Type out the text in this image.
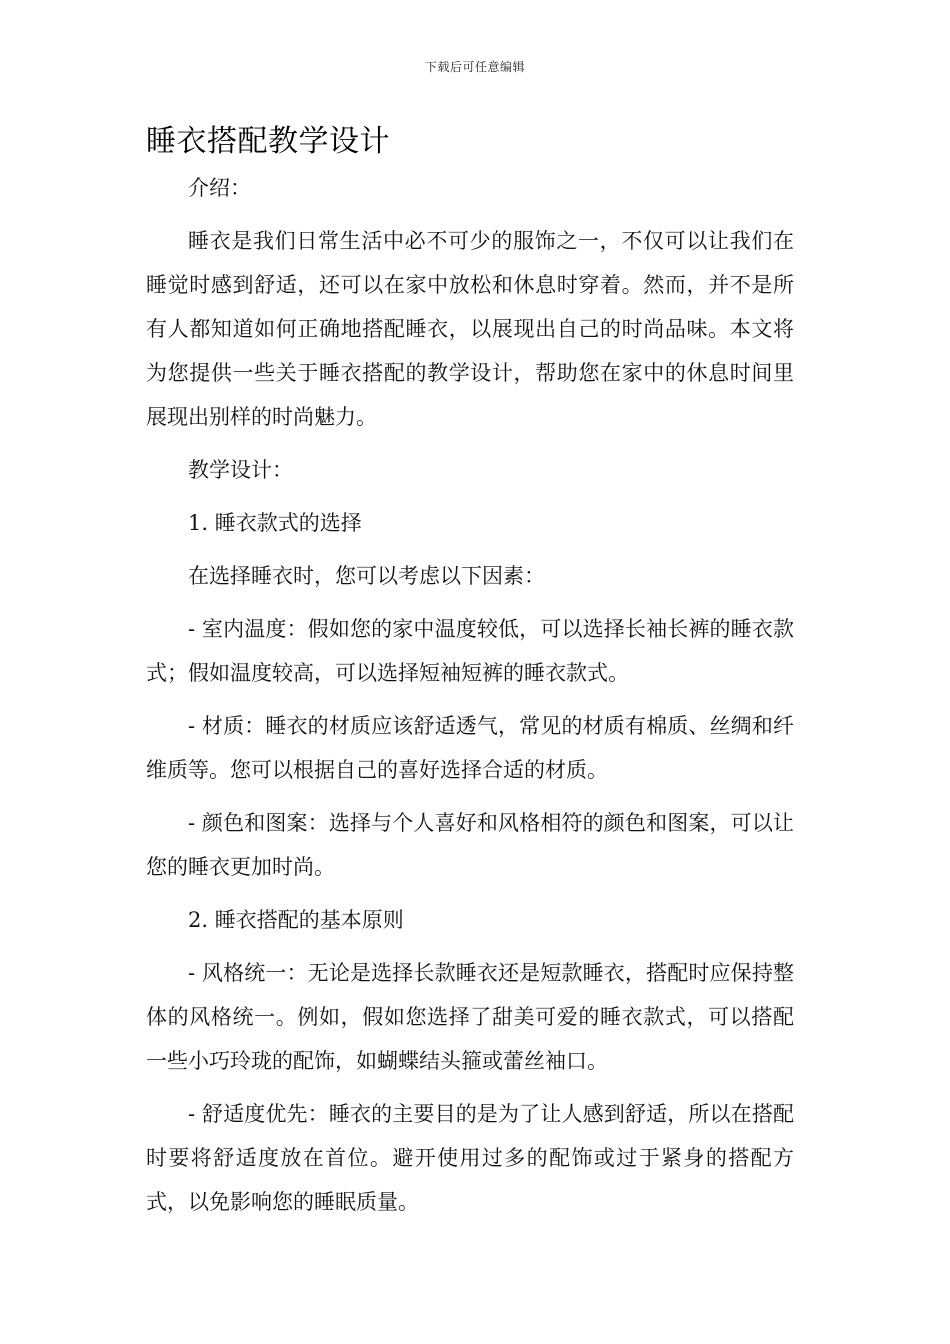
下载后可任意编辑
睡衣搭配教学设计

介绍：

睡衣是我们日常生活中必不可少的服饰之一，不仅可以让我们在睡觉时感到舒适，还可以在家中放松和休息时穿着。然而，并不是所有人都知道如何正确地搭配睡衣，以展现出自己的时尚品味。本文将为您提供一些关于睡衣搭配的教学设计，帮助您在家中的休息时间里展现出别样的时尚魅力。

教学设计：

1. 睡衣款式的选择

在选择睡衣时，您可以考虑以下因素：

- 室内温度：假如您的家中温度较低，可以选择长袖长裤的睡衣款式；假如温度较高，可以选择短袖短裤的睡衣款式。

- 材质：睡衣的材质应该舒适透气，常见的材质有棉质、丝绸和纤维质等。您可以根据自己的喜好选择合适的材质。

- 颜色和图案：选择与个人喜好和风格相符的颜色和图案，可以让您的睡衣更加时尚。

2. 睡衣搭配的基本原则

- 风格统一：无论是选择长款睡衣还是短款睡衣，搭配时应保持整体的风格统一。例如，假如您选择了甜美可爱的睡衣款式，可以搭配一些小巧玲珑的配饰，如蝴蝶结头箍或蕾丝袖口。

- 舒适度优先：睡衣的主要目的是为了让人感到舒适，所以在搭配时要将舒适度放在首位。避开使用过多的配饰或过于紧身的搭配方式，以免影响您的睡眠质量。
